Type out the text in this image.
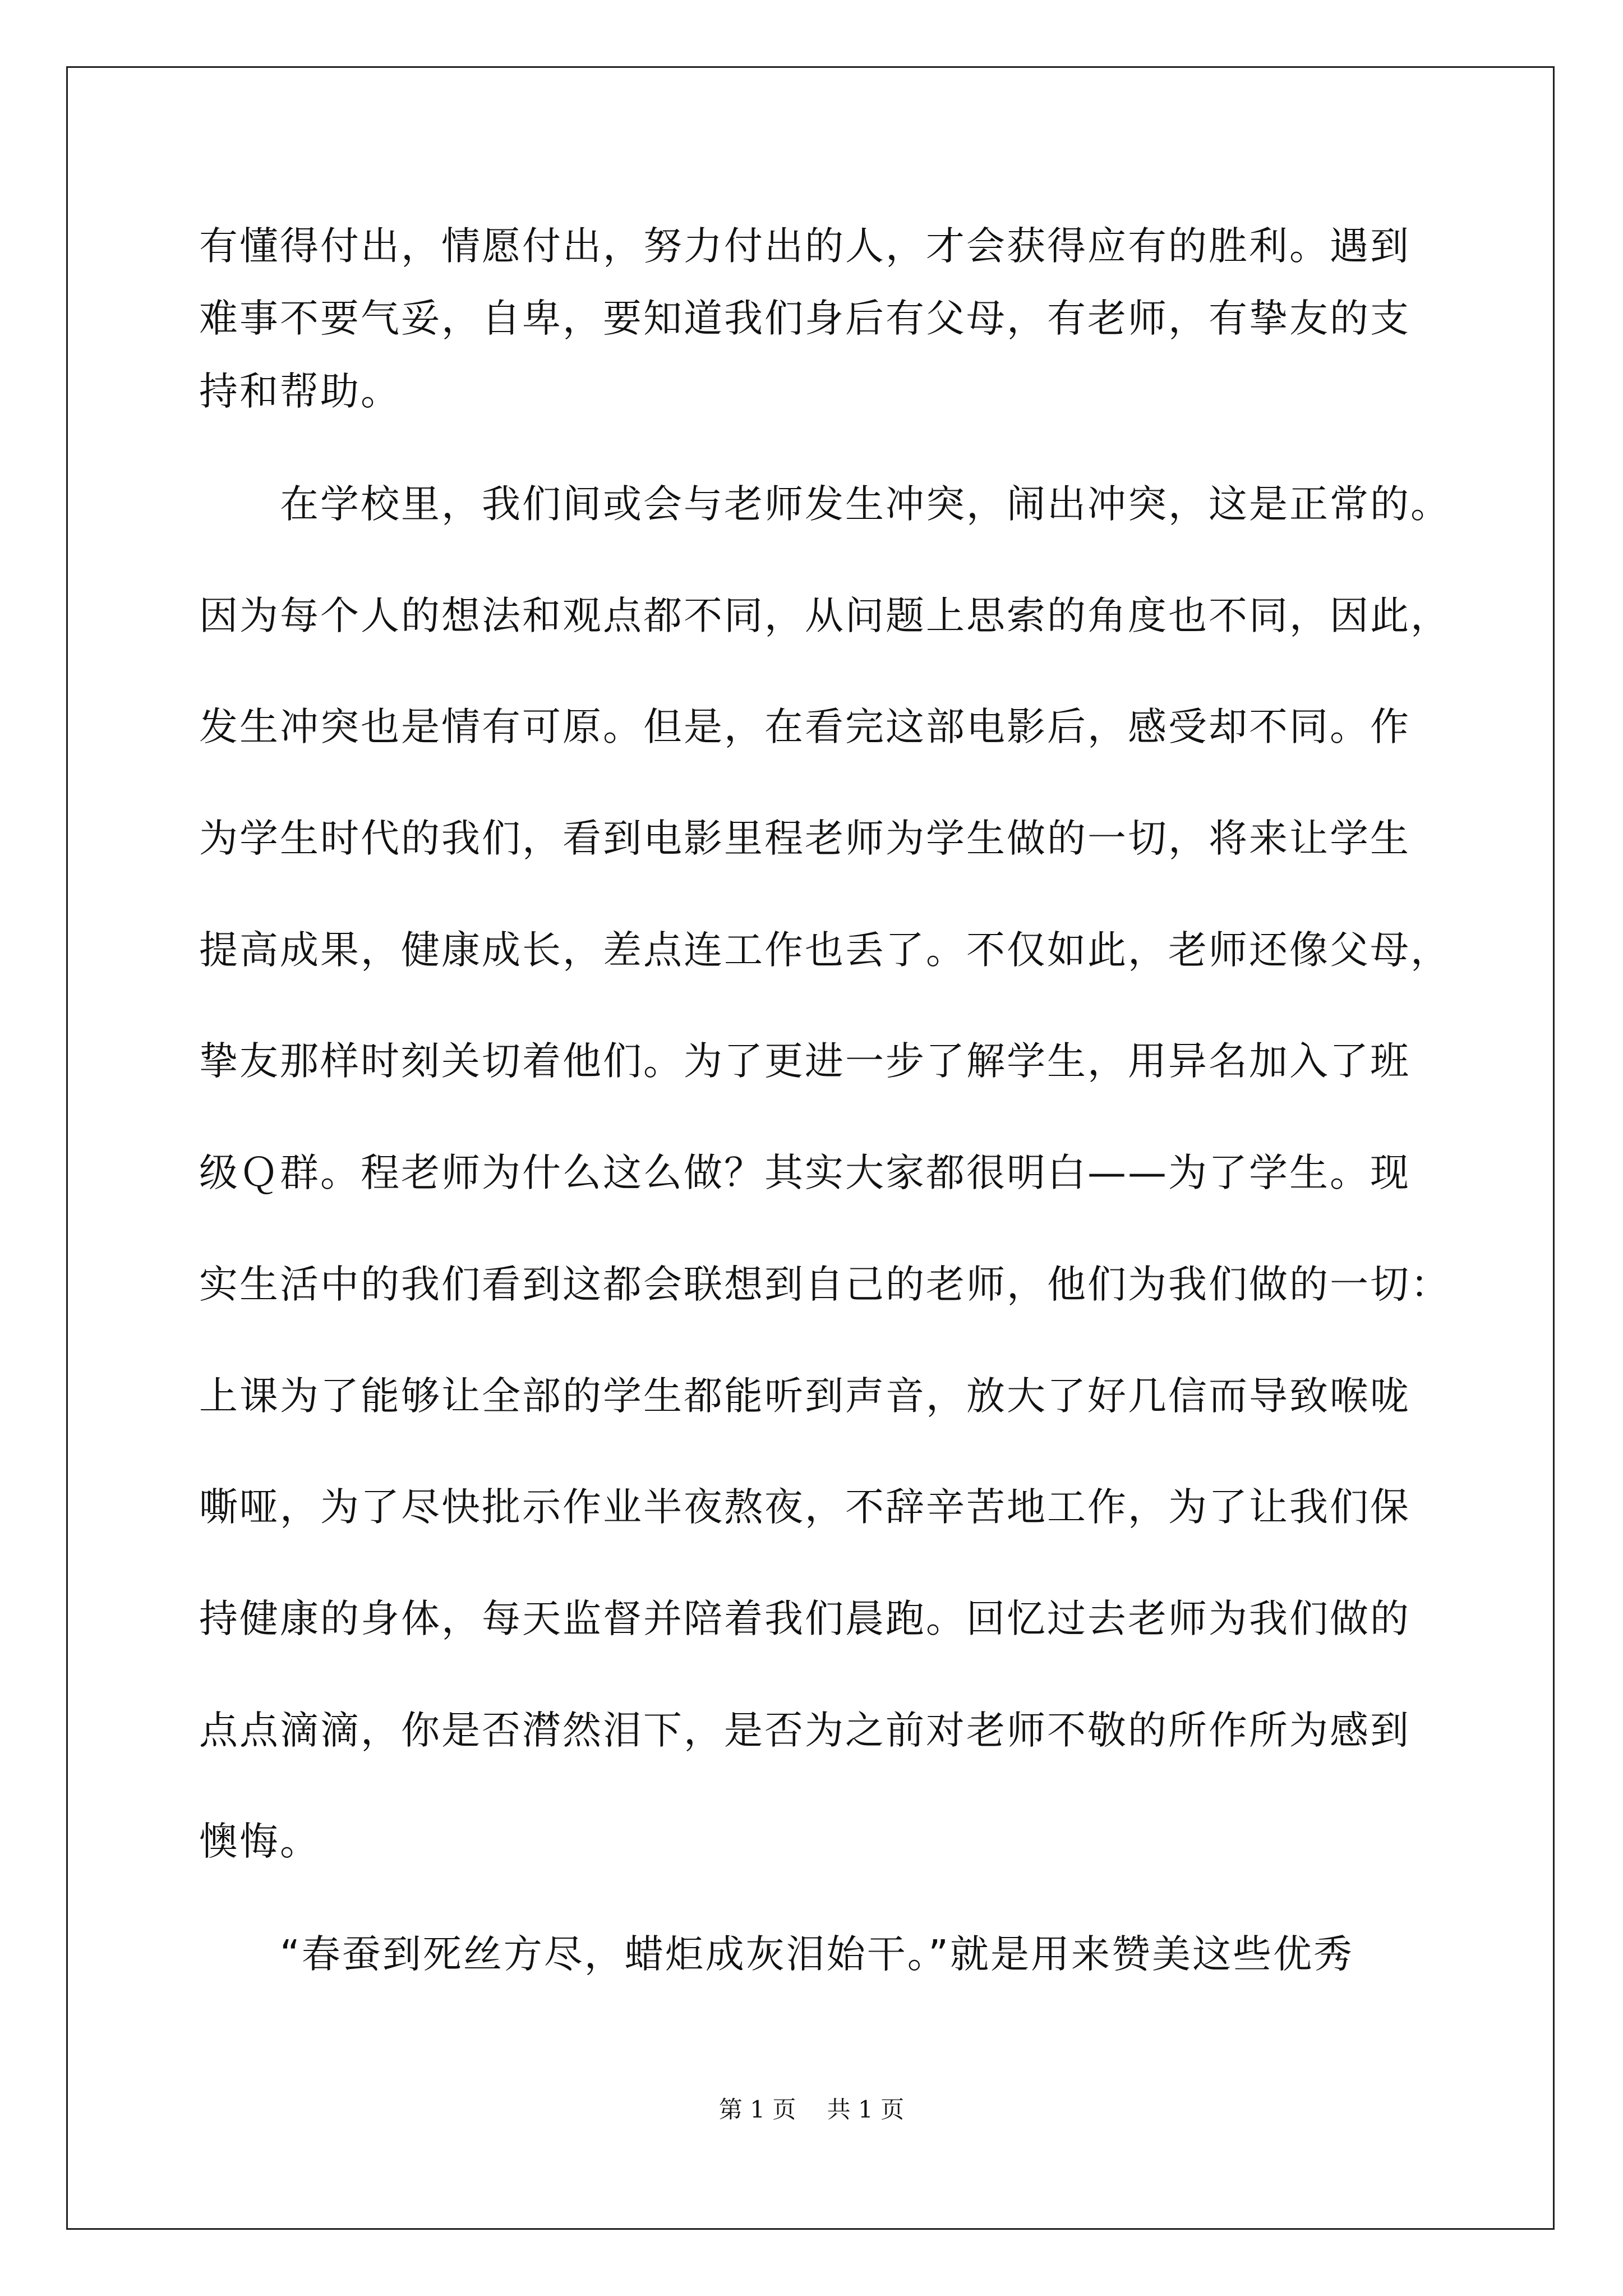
有懂得付出，情愿付出，努力付出的人，才会获得应有的胜利。遇到
难事不要气妥，自卑，要知道我们身后有父母，有老师，有挚友的支
持和帮助。
　　在学校里，我们间或会与老师发生冲突，闹出冲突，这是正常的。
因为每个人的想法和观点都不同，从问题上思索的角度也不同，因此，
发生冲突也是情有可原。但是，在看完这部电影后，感受却不同。作
为学生时代的我们，看到电影里程老师为学生做的一切，将来让学生
提高成果，健康成长，差点连工作也丢了。不仅如此，老师还像父母，
挚友那样时刻关切着他们。为了更进一步了解学生，用异名加入了班
级Ｑ群。程老师为什么这么做？其实大家都很明白——为了学生。现
实生活中的我们看到这都会联想到自己的老师，他们为我们做的一切：
上课为了能够让全部的学生都能听到声音，放大了好几信而导致喉咙
嘶哑，为了尽快批示作业半夜熬夜，不辞辛苦地工作，为了让我们保
持健康的身体，每天监督并陪着我们晨跑。回忆过去老师为我们做的
点点滴滴，你是否潸然泪下，是否为之前对老师不敬的所作所为感到
懊悔。
　　“春蚕到死丝方尽，蜡炬成灰泪始干。”就是用来赞美这些优秀
第 1 页　 共 1 页
